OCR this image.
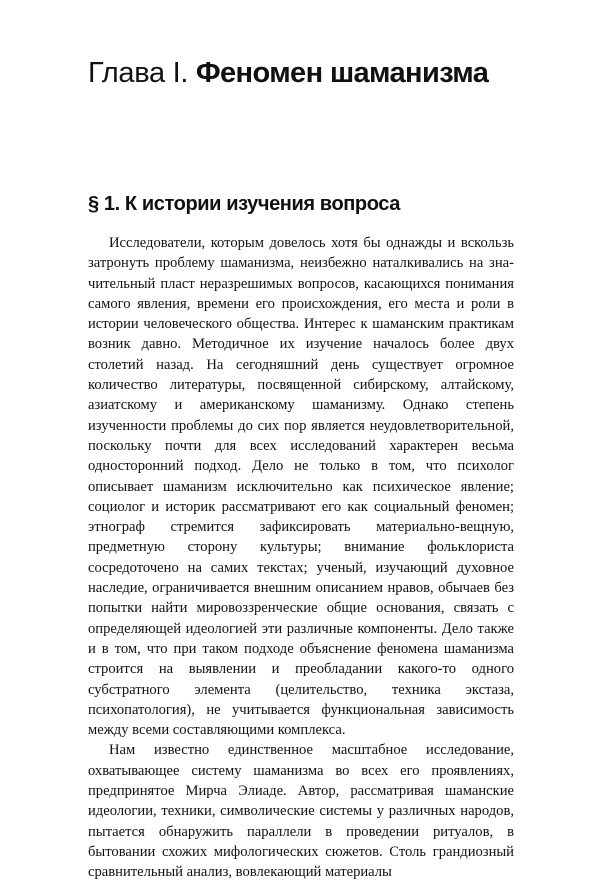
Глава I. Феномен шаманизма
§ 1. К истории изучения вопроса

Исследователи, которым довелось хотя бы однажды и вскользь затронуть проблему шаманизма, неизбежно наталкивались на значительный пласт неразрешимых вопросов, касающихся понимания самого явления, времени его происхождения, его места и роли в истории человеческого общества. Интерес к шаманским практикам возник давно. Методичное их изучение началось более двух столетий назад. На сегодняшний день существует огромное количество литературы, посвященной сибирскому, алтайскому, азиатскому и американскому шаманизму. Однако степень изученности проблемы до сих пор является неудовлетворительной, поскольку почти для всех исследований характерен весьма односторонний подход. Дело не только в том, что психолог описывает шаманизм исключительно как психическое явление; социолог и историк рассматривают его как социальный феномен; этнограф стремится зафиксировать материально-вещную, предметную сторону культуры; внимание фольклориста сосредоточено на самих текстах; ученый, изучающий духовное наследие, ограничивается внешним описанием нравов, обычаев без попытки найти мировоззренческие общие основания, связать с определяющей идеологией эти различные компоненты. Дело также и в том, что при таком подходе объяснение феномена шаманизма строится на выявлении и преобладании какого-то одного субстратного элемента (целительство, техника экстаза, психопатология), не учитывается функциональная зависимость между всеми составляющими комплекса.

Нам известно единственное масштабное исследование, охватывающее систему шаманизма во всех его проявлениях, предпринятое Мирча Элиаде. Автор, рассматривая шаманские идеологии, техники, символические системы у различных народов, пытается обнаружить параллели в проведении ритуалов, в бытовании схожих мифологических сюжетов. Столь грандиозный сравнительный анализ, вовлекающий материалы
